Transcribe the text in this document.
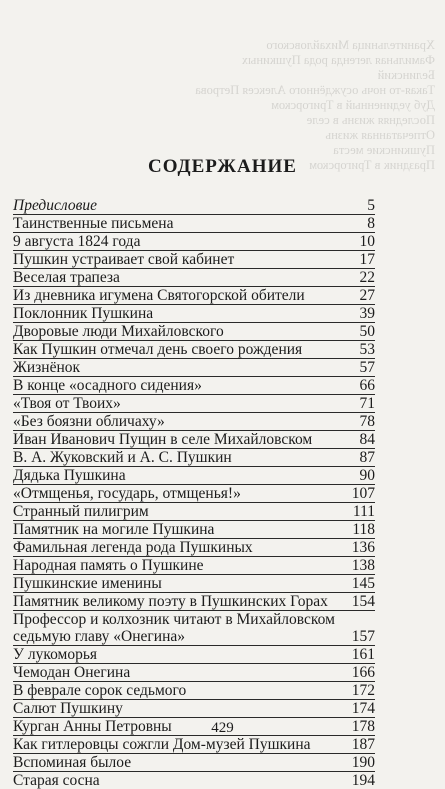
Хранительница Михайловского
Фамильная легенда рода Пушкиных
Белинский
Такая-то ночь осуждённого Алексея Петрова
Дуб уединенный в Тригорском
Последняя жизнь в селе
Отпечатанная жизнь
Пушкинские места
Праздник в Тригорском
СОДЕРЖАНИЕ
Предисловие	5
Таинственные письмена	8
9 августа 1824 года	10
Пушкин устраивает свой кабинет	17
Веселая трапеза	22
Из дневника игумена Святогорской обители	27
Поклонник Пушкина	39
Дворовые люди Михайловского	50
Как Пушкин отмечал день своего рождения	53
Жизнёнок	57
В конце «осадного сидения»	66
«Твоя от Твоих»	71
«Без боязни обличаху»	78
Иван Иванович Пущин в селе Михайловском	84
В. А. Жуковский и А. С. Пушкин	87
Дядька Пушкина	90
«Отмщенья, государь, отмщенья!»	107
Странный пилигрим	111
Памятник на могиле Пушкина	118
Фамильная легенда рода Пушкиных	136
Народная память о Пушкине	138
Пушкинские именины	145
Памятник великому поэту в Пушкинских Горах	154
Профессор и колхозник читают в Михайловском седьмую главу «Онегина»	157
У лукоморья	161
Чемодан Онегина	166
В феврале сорок седьмого	172
Салют Пушкину	174
Курган Анны Петровны	178
Как гитлеровцы сожгли Дом-музей Пушкина	187
Вспоминая былое	190
Старая сосна	194
429
